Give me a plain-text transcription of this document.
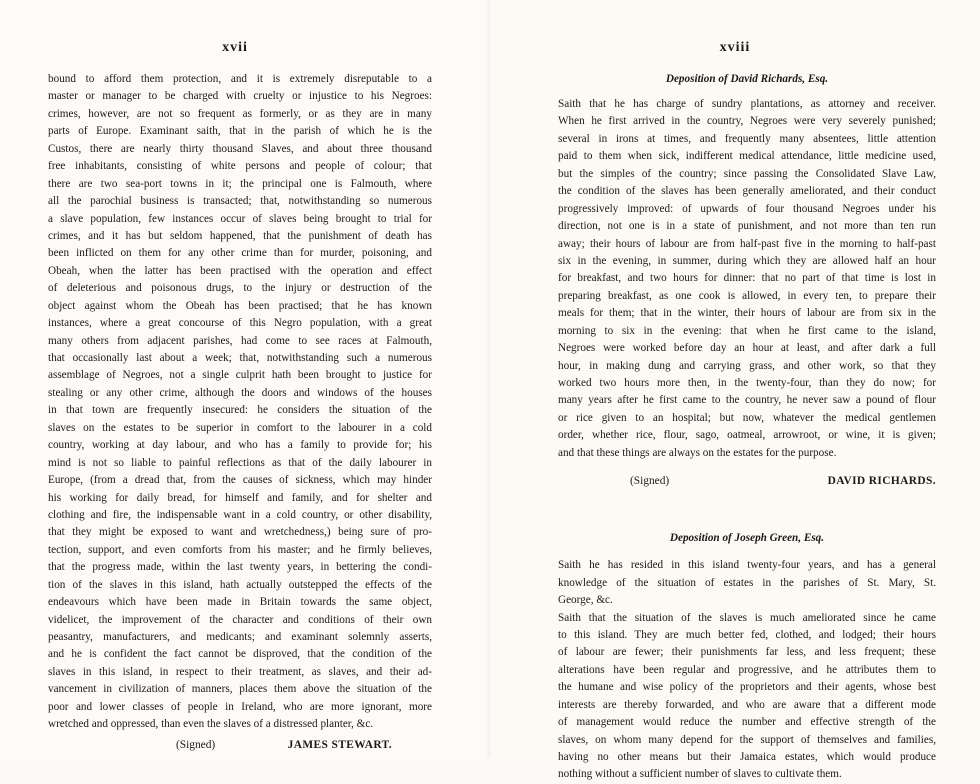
xvii
bound to afford them protection, and it is extremely disreputable to a
master or manager to be charged with cruelty or injustice to his Negroes:
crimes, however, are not so frequent as formerly, or as they are in many
parts of Europe. Examinant saith, that in the parish of which he is the
Custos, there are nearly thirty thousand Slaves, and about three thousand
free inhabitants, consisting of white persons and people of colour; that
there are two sea-port towns in it; the principal one is Falmouth, where
all the parochial business is transacted; that, notwithstanding so numerous
a slave population, few instances occur of slaves being brought to trial for
crimes, and it has but seldom happened, that the punishment of death has
been inflicted on them for any other crime than for murder, poisoning, and
Obeah, when the latter has been practised with the operation and effect
of deleterious and poisonous drugs, to the injury or destruction of the
object against whom the Obeah has been practised; that he has known
instances, where a great concourse of this Negro population, with a great
many others from adjacent parishes, had come to see races at Falmouth,
that occasionally last about a week; that, notwithstanding such a numerous
assemblage of Negroes, not a single culprit hath been brought to justice for
stealing or any other crime, although the doors and windows of the houses
in that town are frequently insecured: he considers the situation of the
slaves on the estates to be superior in comfort to the labourer in a cold
country, working at day labour, and who has a family to provide for; his
mind is not so liable to painful reflections as that of the daily labourer in
Europe, (from a dread that, from the causes of sickness, which may hinder
his working for daily bread, for himself and family, and for shelter and
clothing and fire, the indispensable want in a cold country, or other disability,
that they might be exposed to want and wretchedness,) being sure of pro-
tection, support, and even comforts from his master; and he firmly believes,
that the progress made, within the last twenty years, in bettering the condi-
tion of the slaves in this island, hath actually outstepped the effects of the
endeavours which have been made in Britain towards the same object,
videlicet, the improvement of the character and conditions of their own
peasantry, manufacturers, and medicants; and examinant solemnly asserts,
and he is confident the fact cannot be disproved, that the condition of the
slaves in this island, in respect to their treatment, as slaves, and their ad-
vancement in civilization of manners, places them above the situation of the
poor and lower classes of people in Ireland, who are more ignorant, more
wretched and oppressed, than even the slaves of a distressed planter, &c.
(Signed)	JAMES STEWART.
xviii
Deposition of David Richards, Esq.
Saith that he has charge of sundry plantations, as attorney and receiver.
When he first arrived in the country, Negroes were very severely punished;
several in irons at times, and frequently many absentees, little attention
paid to them when sick, indifferent medical attendance, little medicine used,
but the simples of the country; since passing the Consolidated Slave Law,
the condition of the slaves has been generally ameliorated, and their conduct
progressively improved: of upwards of four thousand Negroes under his
direction, not one is in a state of punishment, and not more than ten run
away; their hours of labour are from half-past five in the morning to half-past
six in the evening, in summer, during which they are allowed half an hour
for breakfast, and two hours for dinner: that no part of that time is lost in
preparing breakfast, as one cook is allowed, in every ten, to prepare their
meals for them; that in the winter, their hours of labour are from six in the
morning to six in the evening: that when he first came to the island,
Negroes were worked before day an hour at least, and after dark a full
hour, in making dung and carrying grass, and other work, so that they
worked two hours more then, in the twenty-four, than they do now; for
many years after he first came to the country, he never saw a pound of flour
or rice given to an hospital; but now, whatever the medical gentlemen
order, whether rice, flour, sago, oatmeal, arrowroot, or wine, it is given;
and that these things are always on the estates for the purpose.
(Signed)	DAVID RICHARDS.
Deposition of Joseph Green, Esq.
Saith he has resided in this island twenty-four years, and has a general
knowledge of the situation of estates in the parishes of St. Mary, St.
George, &c.
Saith that the situation of the slaves is much ameliorated since he came
to this island. They are much better fed, clothed, and lodged; their hours
of labour are fewer; their punishments far less, and less frequent; these
alterations have been regular and progressive, and he attributes them to
the humane and wise policy of the proprietors and their agents, whose best
interests are thereby forwarded, and who are aware that a different mode
of management would reduce the number and effective strength of the
slaves, on whom many depend for the support of themselves and families,
having no other means but their Jamaica estates, which would produce
nothing without a sufficient number of slaves to cultivate them.
